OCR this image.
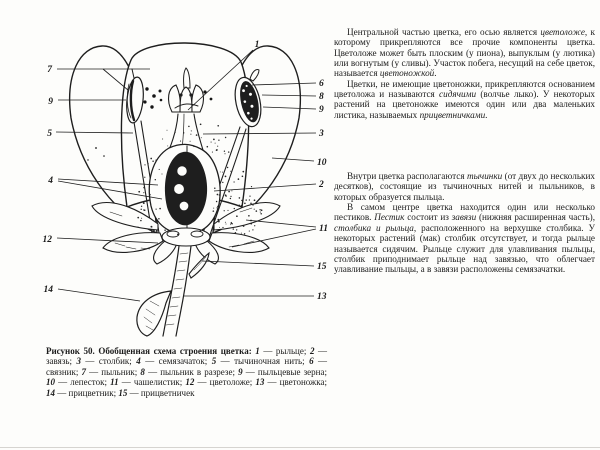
7
9
5
4
12
14
1
6
8
9
3
10
2
11
15
13

Центральной частью цветка, его осью является цветоложе, к которому прикрепляются все прочие компоненты цветка. Цветоложе может быть плоским (у пиона), выпуклым (у лютика) или вогнутым (у сливы). Участок побега, несущий на себе цветок, называется цветоножкой.

Цветки, не имеющие цветоножки, прикрепляются основанием цветоложа и называются сидячими (волчье лыко). У некоторых растений на цветоножке имеются один или два маленьких листика, называемых прицветничками.

Внутри цветка располагаются тычинки (от двух до нескольких десятков), состоящие из тычиночных нитей и пыльников, в которых образуется пыльца.

В самом центре цветка находится один или несколько пестиков. Пестик состоит из завязи (нижняя расширенная часть), столбика и рыльца, расположенного на верхушке столбика. У некоторых растений (мак) столбик отсутствует, и тогда рыльце называется сидячим. Рыльце служит для улавливания пыльцы, столбик приподнимает рыльце над завязью, что облегчает улавливание пыльцы, а в завязи расположены семязачатки.

Рисунок 50. Обобщенная схема строения цветка: 1 — рыльце; 2 — завязь; 3 — столбик; 4 — семязачаток; 5 — тычиночная нить; 6 — связник; 7 — пыльник; 8 — пыльник в разрезе; 9 — пыльцевые зерна; 10 — лепесток; 11 — чашелистик; 12 — цветоложе; 13 — цветоножка; 14 — прицветник; 15 — прицветничек
